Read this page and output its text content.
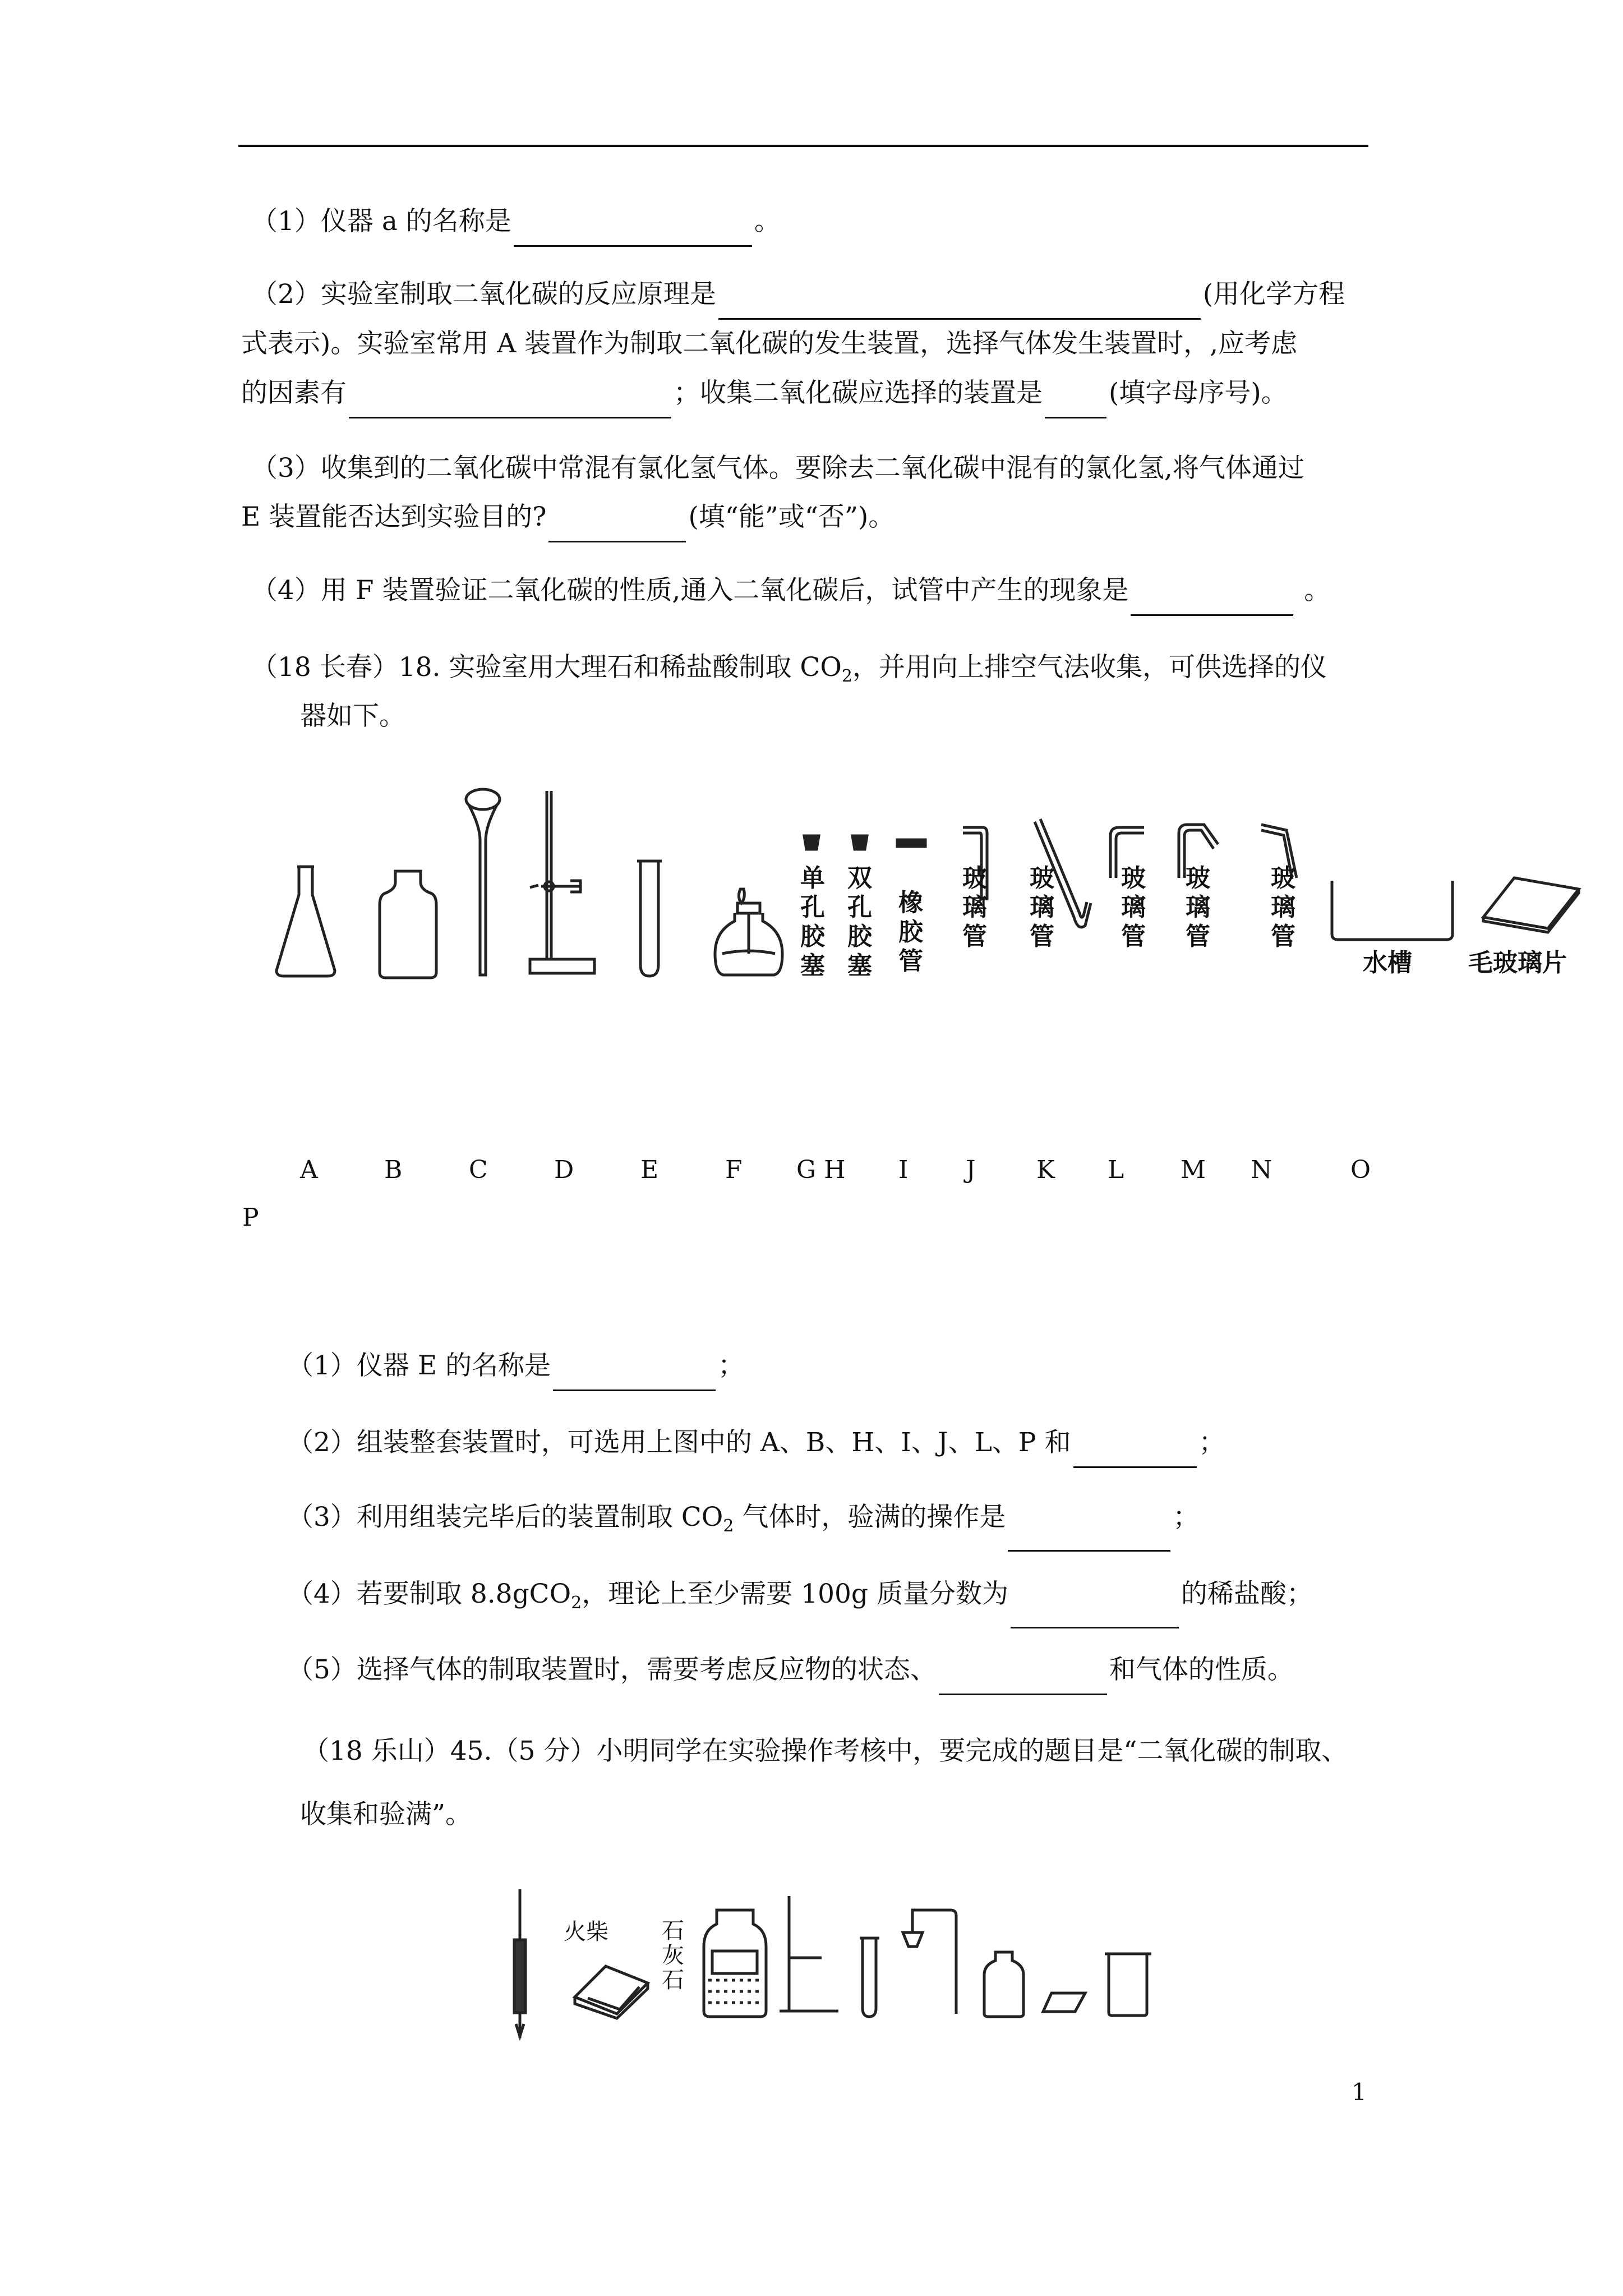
（1）仪器 a 的名称是	。
（2）实验室制取二氧化碳的反应原理是	(用化学方程
式表示)。实验室常用 A 装置作为制取二氧化碳的发生装置，选择气体发生装置时，,应考虑
的因素有	；收集二氧化碳应选择的装置是	(填字母序号)。
（3）收集到的二氧化碳中常混有氯化氢气体。要除去二氧化碳中混有的氯化氢,将气体通过
E 装置能否达到实验目的?	(填“能”或“否”)。
（4）用 F 装置验证二氧化碳的性质,通入二氧化碳后，试管中产生的现象是	。
（18 长春）18. 实验室用大理石和稀盐酸制取 $CO_2$，并用向上排空气法收集，可供选择的仪
器如下。
单孔胶塞
双孔胶塞
橡胶管
玻璃管
玻璃管
玻璃管
玻璃管
玻璃管
水槽 毛玻璃片
A	B	C	D	E	F G H I J K L M N	O
P
（1）仪器 E 的名称是	；
（2）组装整套装置时，可选用上图中的 A、B、H、I、J、L、P 和	；
（3）利用组装完毕后的装置制取 $CO_2$ 气体时，验满的操作是	；
（4）若要制取 8.8gCO$_2$，理论上至少需要 100g 质量分数为	的稀盐酸；
（5）选择气体的制取装置时，需要考虑反应物的状态、	和气体的性质。
（18 乐山）45.（5 分）小明同学在实验操作考核中，要完成的题目是“二氧化碳的制取、
收集和验满”。
火柴 石灰石
1
